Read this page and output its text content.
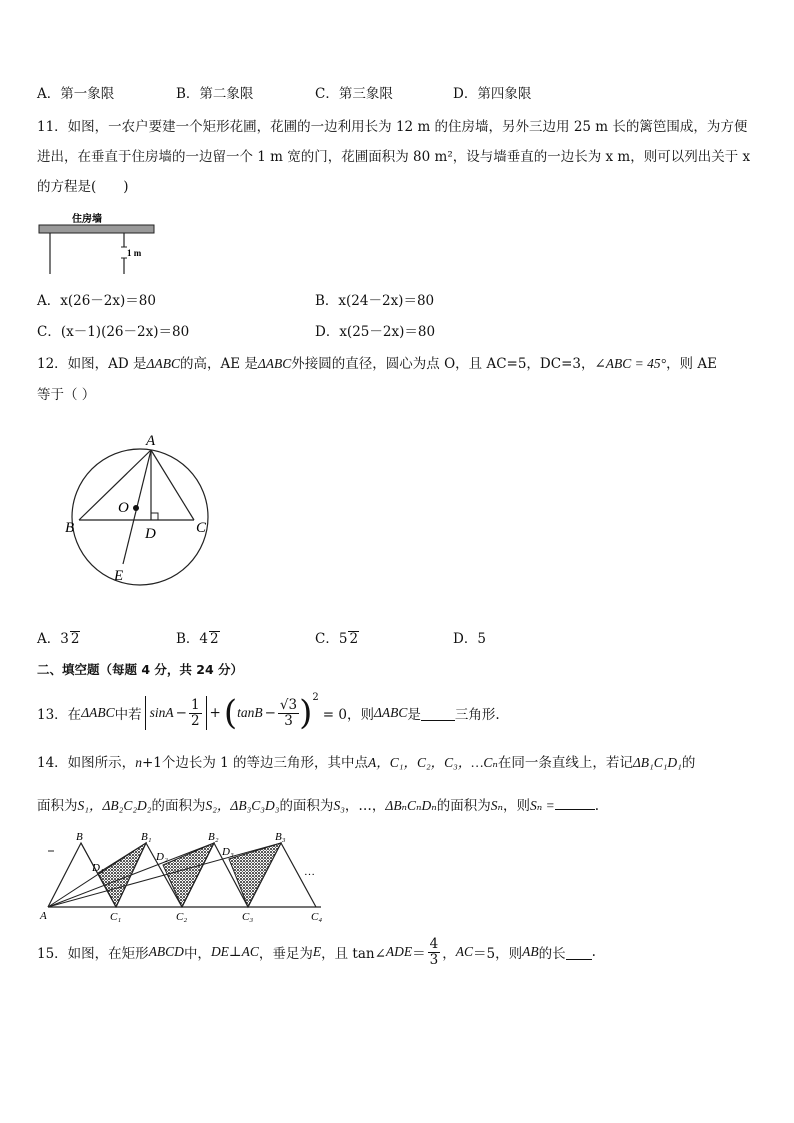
A．第一象限	B．第二象限	C．第三象限	D．第四象限
11．如图，一农户要建一个矩形花圃，花圃的一边利用长为 12 m 的住房墙，另外三边用 25 m 长的篱笆围成，为方便
进出，在垂直于住房墙的一边留一个 1 m 宽的门，花圃面积为 80 m²，设与墙垂直的一边长为 x m，则可以列出关于 x
的方程是(　　)
住房墙
1 m
A．x(26－2x)＝80	B．x(24－2x)＝80
C．(x－1)(26－2x)＝80	D．x(25－2x)＝80
12．如图，AD 是ΔABC的高，AE 是ΔABC外接圆的直径，圆心为点 O，且 AC=5，DC=3，∠ABC = 45°，则 AE
等于（ ）
A
O
B	D	C
E
A．3 2	B．4 2	C．5 2	D．5
二、填空题（每题 4 分，共 24 分）
13．在 ΔABC 中若 $\sin A - \frac{1}{2}$ + ( $\tan B - \frac{√3}{3}$ ) 2
= 0，则 ΔABC 是	三角形.
14．如图所示，n+1个边长为 1 的等边三角形，其中点A，C₁，C₂，C₃，…Cₙ在同一条直线上，若记ΔB₁C₁D₁的
面积为S₁，ΔB₂C₂D₂的面积为S₂，ΔB₃C₃D₃的面积为S₃，…，ΔBₙCₙDₙ的面积为Sₙ，则Sₙ =	.
B	B₁	B₂	B₃
D₁
D₂	D₃
…
A	C₁	C₂	C₃	C₄
15．如图，在矩形 ABCD 中， DE⊥AC ，垂足为 E ，且 tan∠ ADE ＝ $\frac{4}{3}$ ， AC ＝5，则 AB 的长 .
